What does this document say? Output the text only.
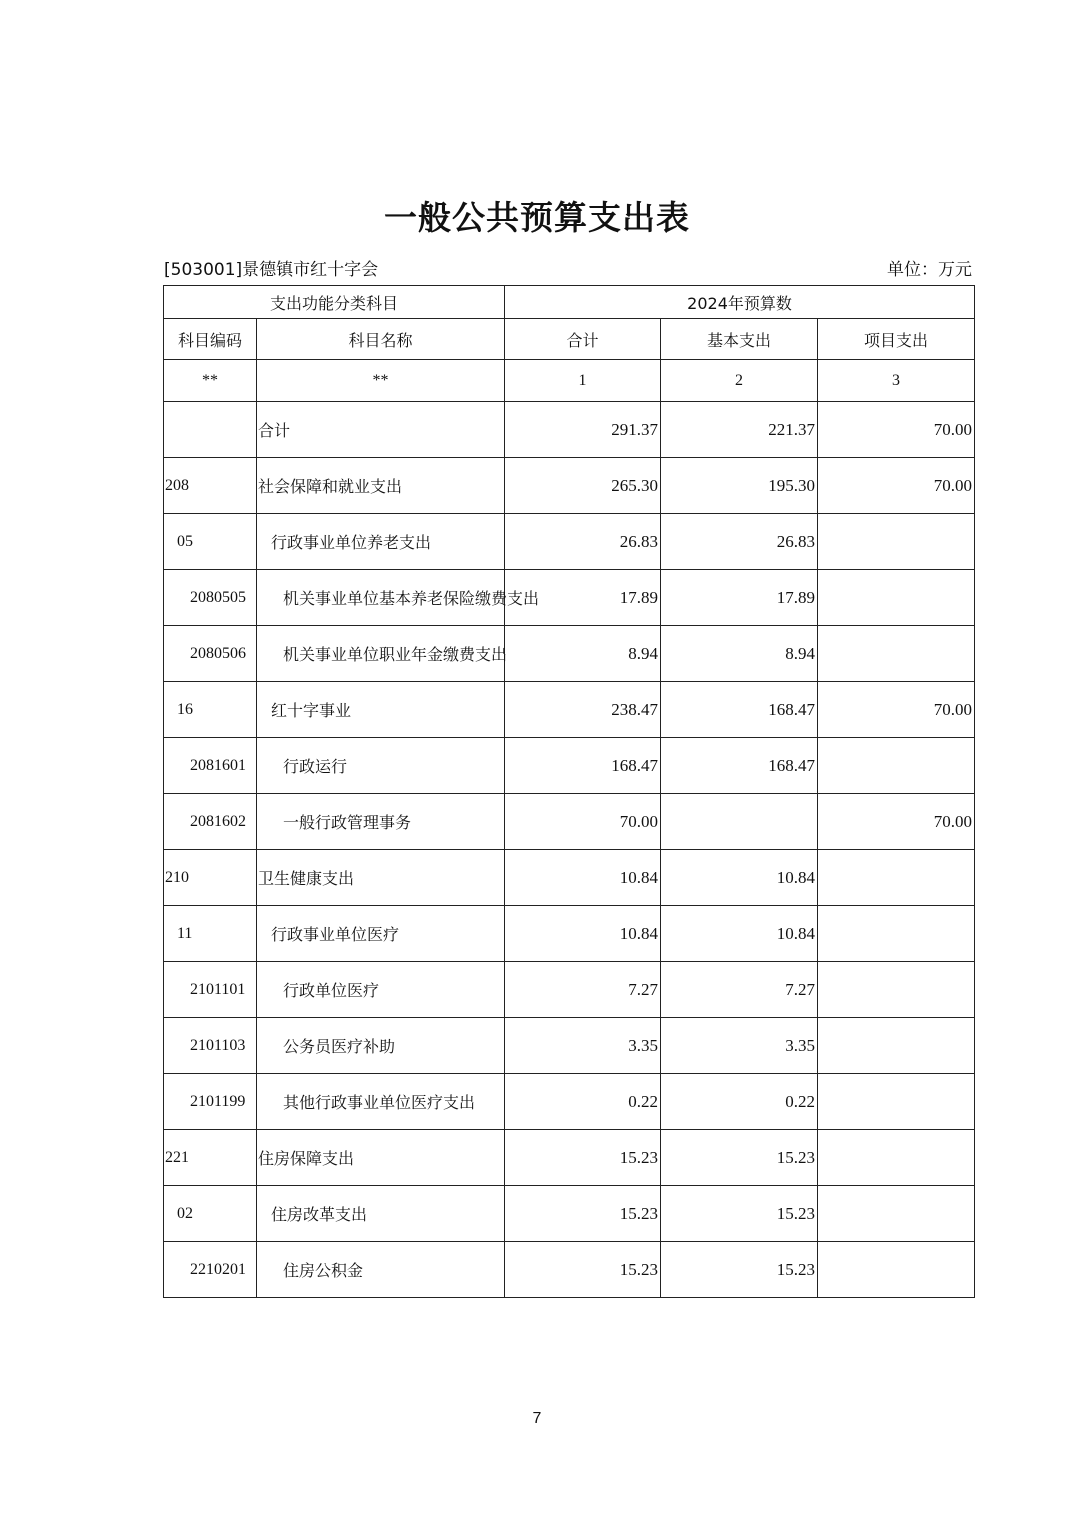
一般公共预算支出表
[503001]景德镇市红十字会	单位：万元
支出功能分类科目		2024年预算数		
科目编码	科目名称	合计	基本支出	项目支出
**	**	1	2	3
	合计	291.37	221.37	70.00
208	社会保障和就业支出	265.30	195.30	70.00
05	行政事业单位养老支出	26.83	26.83	
2080505	机关事业单位基本养老保险缴费支出	17.89	17.89	
2080506	机关事业单位职业年金缴费支出	8.94	8.94	
16	红十字事业	238.47	168.47	70.00
2081601	行政运行	168.47	168.47	
2081602	一般行政管理事务	70.00		70.00
210	卫生健康支出	10.84	10.84	
11	行政事业单位医疗	10.84	10.84	
2101101	行政单位医疗	7.27	7.27	
2101103	公务员医疗补助	3.35	3.35	
2101199	其他行政事业单位医疗支出	0.22	0.22	
221	住房保障支出	15.23	15.23	
02	住房改革支出	15.23	15.23	
2210201	住房公积金	15.23	15.23	
7
